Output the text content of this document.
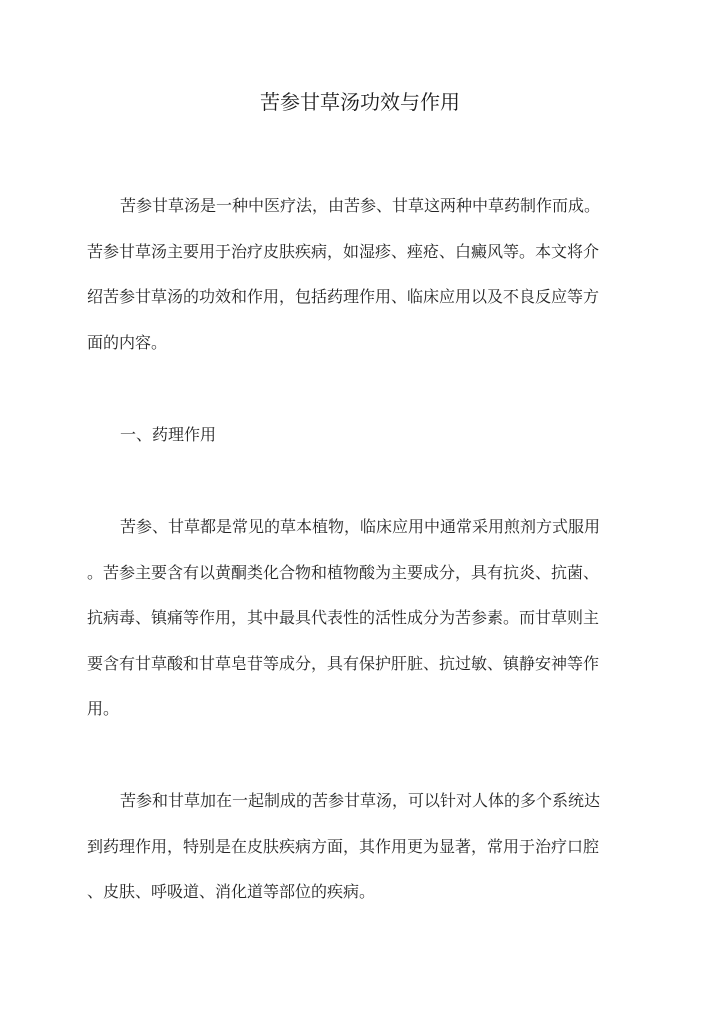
苦参甘草汤功效与作用
苦参甘草汤是一种中医疗法，由苦参、甘草这两种中草药制作而成。
苦参甘草汤主要用于治疗皮肤疾病，如湿疹、痤疮、白癜风等。本文将介
绍苦参甘草汤的功效和作用，包括药理作用、临床应用以及不良反应等方
面的内容。
一、药理作用
苦参、甘草都是常见的草本植物，临床应用中通常采用煎剂方式服用
。苦参主要含有以黄酮类化合物和植物酸为主要成分，具有抗炎、抗菌、
抗病毒、镇痛等作用，其中最具代表性的活性成分为苦参素。而甘草则主
要含有甘草酸和甘草皂苷等成分，具有保护肝脏、抗过敏、镇静安神等作
用。
苦参和甘草加在一起制成的苦参甘草汤，可以针对人体的多个系统达
到药理作用，特别是在皮肤疾病方面，其作用更为显著，常用于治疗口腔
、皮肤、呼吸道、消化道等部位的疾病。
